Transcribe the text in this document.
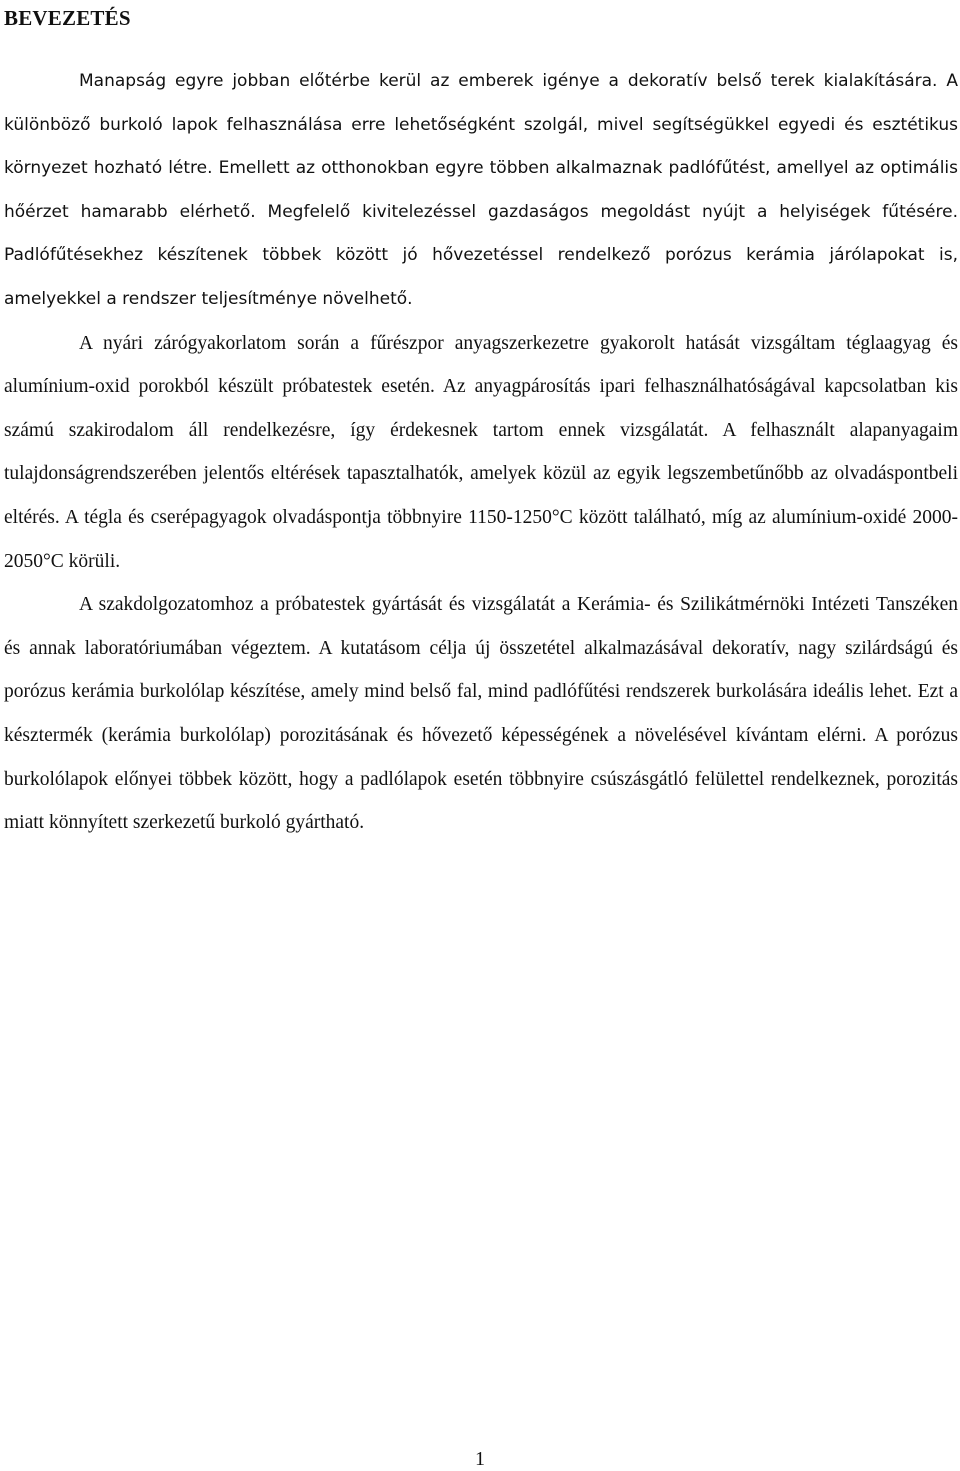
BEVEZETÉS

Manapság egyre jobban előtérbe kerül az emberek igénye a dekoratív belső terek kialakítására. A különböző burkoló lapok felhasználása erre lehetőségként szolgál, mivel segítségükkel egyedi és esztétikus környezet hozható létre. Emellett az otthonokban egyre többen alkalmaznak padlófűtést, amellyel az optimális hőérzet hamarabb elérhető. Megfelelő kivitelezéssel gazdaságos megoldást nyújt a helyiségek fűtésére. Padlófűtésekhez készítenek többek között jó hővezetéssel rendelkező porózus kerámia járólapokat is, amelyekkel a rendszer teljesítménye növelhető.

A nyári zárógyakorlatom során a fűrészpor anyagszerkezetre gyakorolt hatását vizsgáltam téglaagyag és alumínium-oxid porokból készült próbatestek esetén. Az anyagpárosítás ipari felhasználhatóságával kapcsolatban kis számú szakirodalom áll rendelkezésre, így érdekesnek tartom ennek vizsgálatát. A felhasznált alapanyagaim tulajdonságrendszerében jelentős eltérések tapasztalhatók, amelyek közül az egyik legszembetűnőbb az olvadáspontbeli eltérés. A tégla és cserépagyagok olvadáspontja többnyire 1150-1250°C között található, míg az alumínium-oxidé 2000-2050°C körüli.

A szakdolgozatomhoz a próbatestek gyártását és vizsgálatát a Kerámia- és Szilikátmérnöki Intézeti Tanszéken és annak laboratóriumában végeztem. A kutatásom célja új összetétel alkalmazásával dekoratív, nagy szilárdságú és porózus kerámia burkolólap készítése, amely mind belső fal, mind padlófűtési rendszerek burkolására ideális lehet. Ezt a késztermék (kerámia burkolólap) porozitásának és hővezető képességének a növelésével kívántam elérni. A porózus burkolólapok előnyei többek között, hogy a padlólapok esetén többnyire csúszásgátló felülettel rendelkeznek, porozitás miatt könnyített szerkezetű burkoló gyártható.

1
